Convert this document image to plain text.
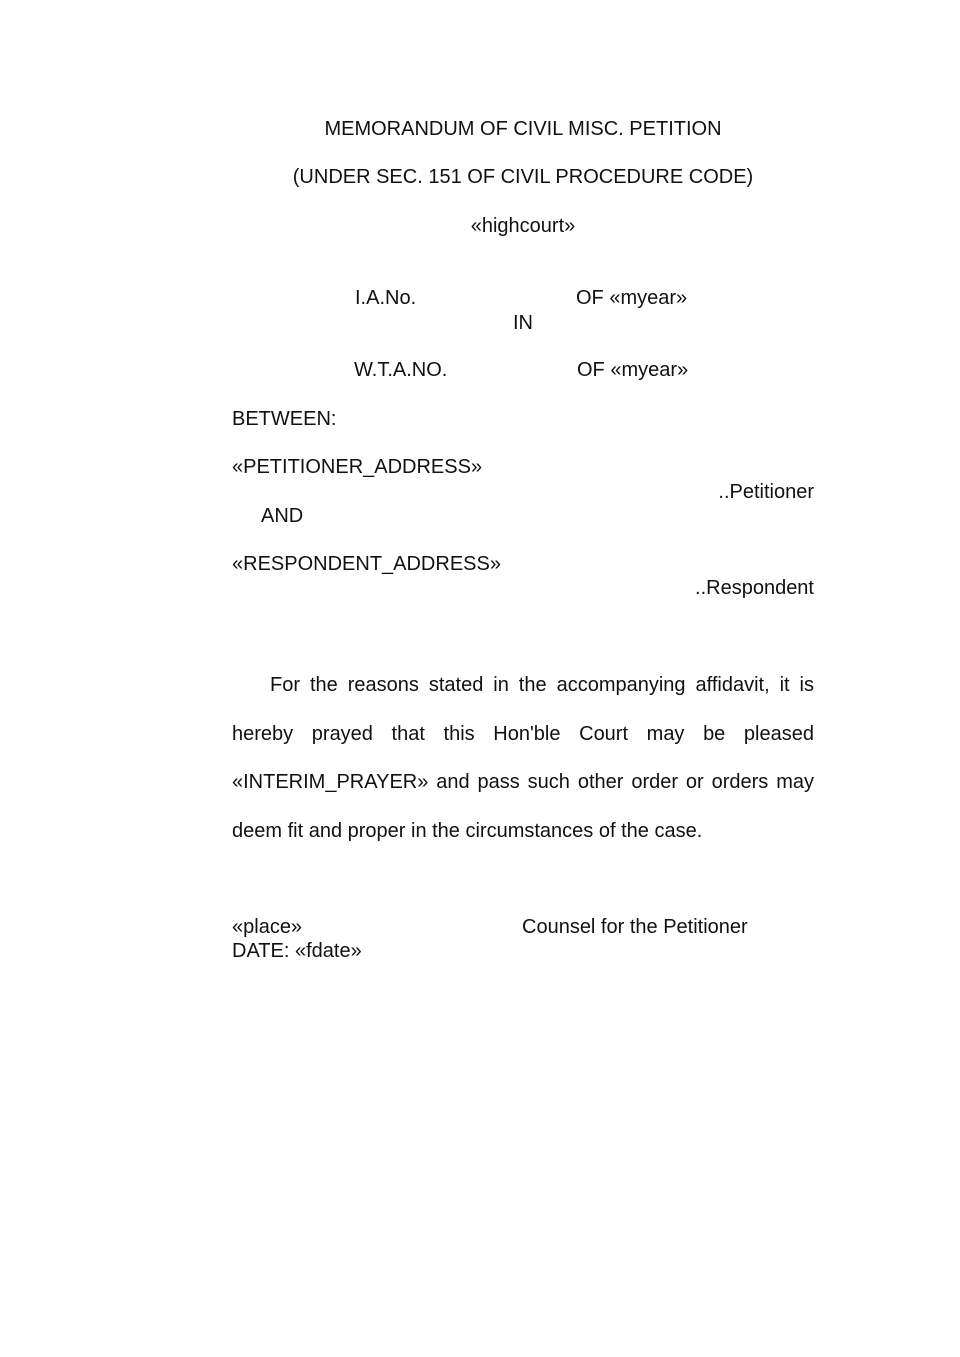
MEMORANDUM OF CIVIL MISC. PETITION
(UNDER SEC. 151 OF CIVIL PROCEDURE CODE)
«highcourt»
I.A.No.	OF «myear»
IN
W.T.A.NO.	OF «myear»
BETWEEN:
«PETITIONER_ADDRESS»
..Petitioner
AND
«RESPONDENT_ADDRESS»
..Respondent
For the reasons stated in the accompanying affidavit, it is hereby prayed that this Hon'ble Court may be pleased «INTERIM_PRAYER» and pass such other order or orders may deem fit and proper in the circumstances of the case.
«place»	Counsel for the Petitioner
DATE: «fdate»
